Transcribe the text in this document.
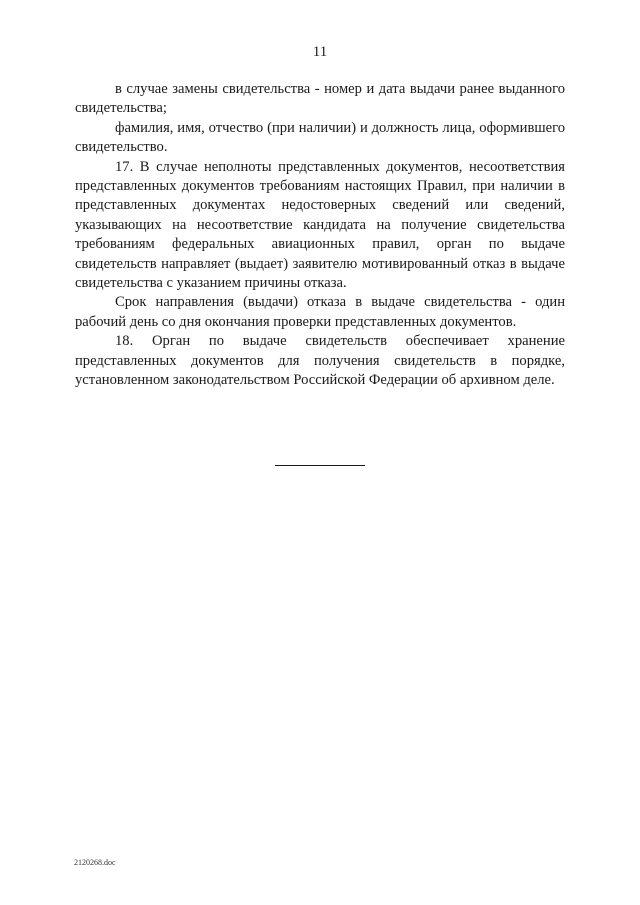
11

в случае замены свидетельства - номер и дата выдачи ранее выданного свидетельства;

фамилия, имя, отчество (при наличии) и должность лица, оформившего свидетельство.

17. В случае неполноты представленных документов, несоответствия представленных документов требованиям настоящих Правил, при наличии в представленных документах недостоверных сведений или сведений, указывающих на несоответствие кандидата на получение свидетельства требованиям федеральных авиационных правил, орган по выдаче свидетельств направляет (выдает) заявителю мотивированный отказ в выдаче свидетельства с указанием причины отказа.

Срок направления (выдачи) отказа в выдаче свидетельства - один рабочий день со дня окончания проверки представленных документов.

18. Орган по выдаче свидетельств обеспечивает хранение представленных документов для получения свидетельств в порядке, установленном законодательством Российской Федерации об архивном деле.

2120268.doc
